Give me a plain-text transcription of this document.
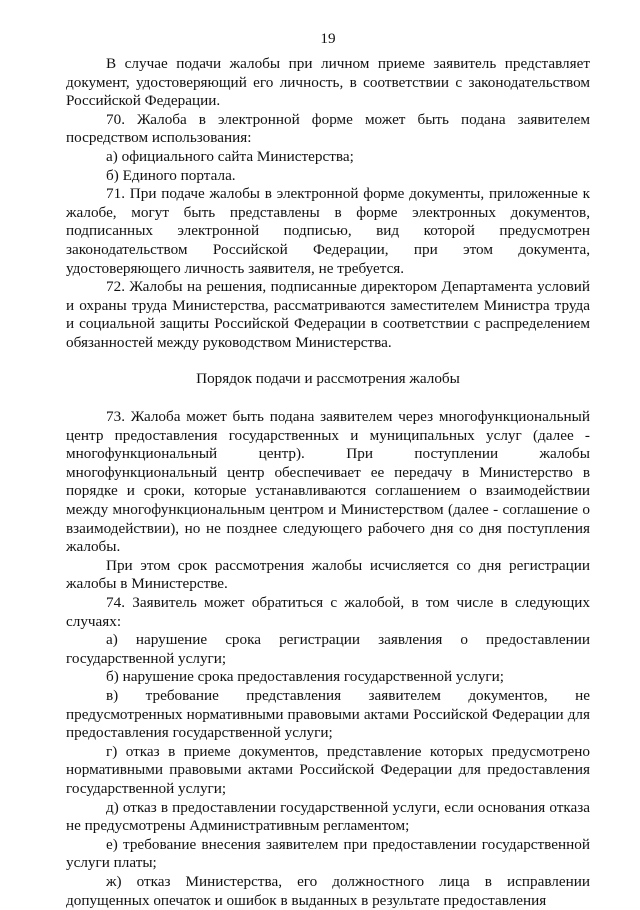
19

В случае подачи жалобы при личном приеме заявитель представляет документ, удостоверяющий его личность, в соответствии с законодательством Российской Федерации.

70. Жалоба в электронной форме может быть подана заявителем посредством использования:

а) официального сайта Министерства;

б) Единого портала.

71. При подаче жалобы в электронной форме документы, приложенные к жалобе, могут быть представлены в форме электронных документов, подписанных электронной подписью, вид которой предусмотрен законодательством Российской Федерации, при этом документа, удостоверяющего личность заявителя, не требуется.

72. Жалобы на решения, подписанные директором Департамента условий и охраны труда Министерства, рассматриваются заместителем Министра труда и социальной защиты Российской Федерации в соответствии с распределением обязанностей между руководством Министерства.

Порядок подачи и рассмотрения жалобы

73. Жалоба может быть подана заявителем через многофункциональный центр предоставления государственных и муниципальных услуг (далее - многофункциональный центр). При поступлении жалобы многофункциональный центр обеспечивает ее передачу в Министерство в порядке и сроки, которые устанавливаются соглашением о взаимодействии между многофункциональным центром и Министерством (далее - соглашение о взаимодействии), но не позднее следующего рабочего дня со дня поступления жалобы.

При этом срок рассмотрения жалобы исчисляется со дня регистрации жалобы в Министерстве.

74. Заявитель может обратиться с жалобой, в том числе в следующих случаях:

а) нарушение срока регистрации заявления о предоставлении государственной услуги;

б) нарушение срока предоставления государственной услуги;

в) требование представления заявителем документов, не предусмотренных нормативными правовыми актами Российской Федерации для предоставления государственной услуги;

г) отказ в приеме документов, представление которых предусмотрено нормативными правовыми актами Российской Федерации для предоставления государственной услуги;

д) отказ в предоставлении государственной услуги, если основания отказа не предусмотрены Административным регламентом;

е) требование внесения заявителем при предоставлении государственной услуги платы;

ж) отказ Министерства, его должностного лица в исправлении допущенных опечаток и ошибок в выданных в результате предоставления
